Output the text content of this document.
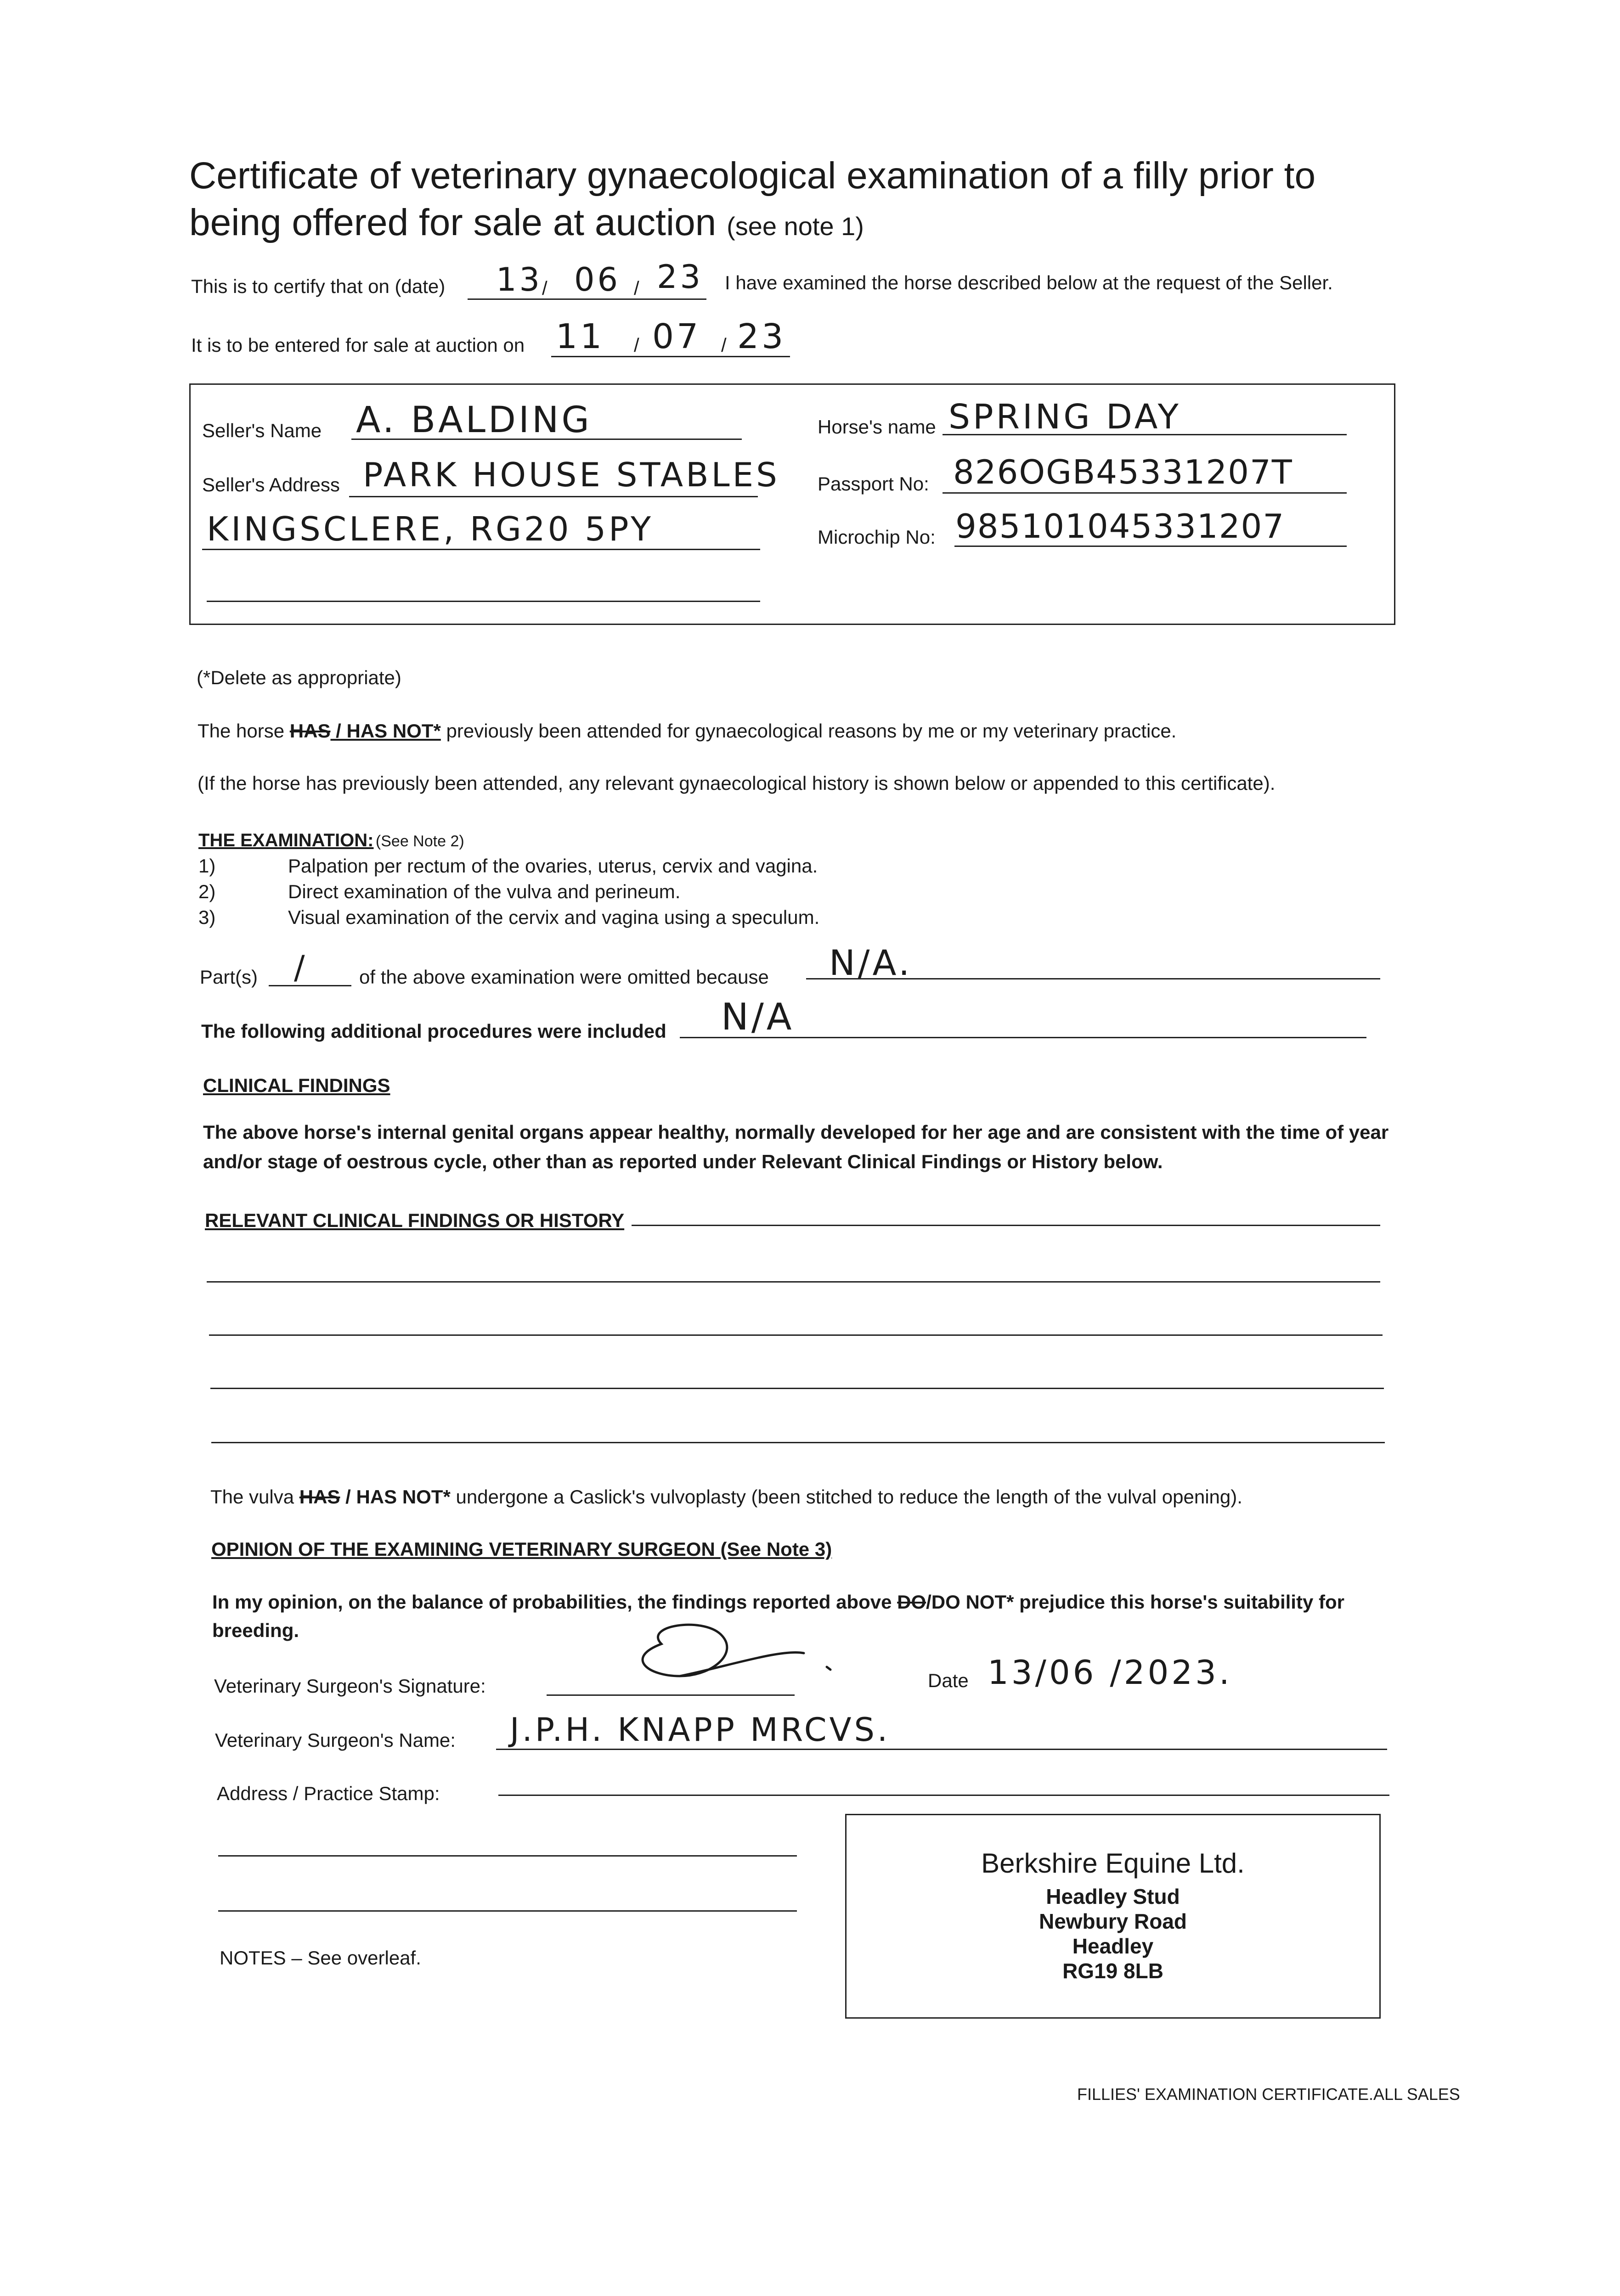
Certificate of veterinary gynaecological examination of a filly prior to
being offered for sale at auction (see note 1)
This is to certify that on (date) 13
/ 06 / 23 I have examined the horse described below at the request of the Seller.
It is to be entered for sale at auction on 11 / 07 / 23
Seller's Name A. BALDING
Seller's Address PARK HOUSE STABLES
KINGSCLERE, RG20 5PY
Horse's name SPRING DAY
Passport No: 826OGB45331207T
Microchip No: 985101045331207
(*Delete as appropriate)
The horse HAS / HAS NOT* previously been attended for gynaecological reasons by me or my veterinary practice.
(If the horse has previously been attended, any relevant gynaecological history is shown below or appended to this certificate).
THE EXAMINATION: (See Note 2)
1)	Palpation per rectum of the ovaries, uterus, cervix and vagina.
2)	Direct examination of the vulva and perineum.
3)	Visual examination of the cervix and vagina using a speculum.
Part(s) /	of the above examination were omitted because N/A.
The following additional procedures were included N/A
CLINICAL FINDINGS
The above horse's internal genital organs appear healthy, normally developed for her age and are consistent with the time of year
and/or stage of oestrous cycle, other than as reported under Relevant Clinical Findings or History below.
RELEVANT CLINICAL FINDINGS OR HISTORY
The vulva HAS / HAS NOT* undergone a Caslick's vulvoplasty (been stitched to reduce the length of the vulval opening).
OPINION OF THE EXAMINING VETERINARY SURGEON (See Note 3)
In my opinion, on the balance of probabilities, the findings reported above DO/DO NOT* prejudice this horse's suitability for
breeding.
Veterinary Surgeon's Signature:	Date 13/06 /2023.
Veterinary Surgeon's Name: J.P.H. KNAPP MRCVS.
Address / Practice Stamp:
Berkshire Equine Ltd.
Headley Stud
Newbury Road
Headley
RG19 8LB
NOTES – See overleaf.
FILLIES' EXAMINATION CERTIFICATE.ALL SALES
